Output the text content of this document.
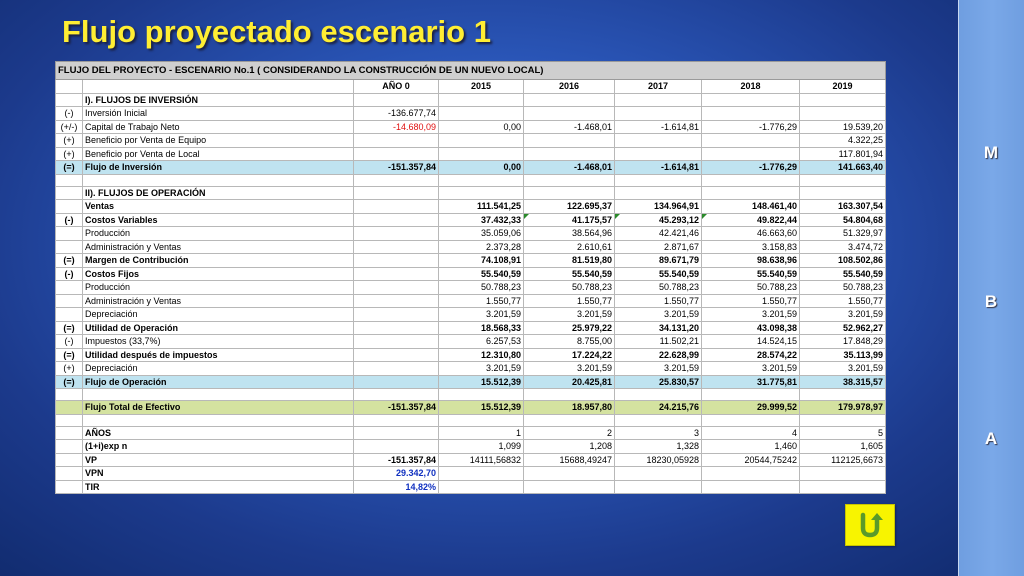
Flujo proyectado escenario 1
FLUJO DEL PROYECTO - ESCENARIO No.1 ( CONSIDERANDO LA CONSTRUCCIÓN DE UN NUEVO LOCAL)							
		AÑO 0	2015	2016	2017	2018	2019
	I). FLUJOS DE INVERSIÓN						
(-)	Inversión Inicial	-136.677,74					
(+/-)	Capital de Trabajo Neto	-14.680,09	0,00	-1.468,01	-1.614,81	-1.776,29	19.539,20
(+)	Beneficio por Venta de Equipo						4.322,25
(+)	Beneficio por Venta de Local						117.801,94
(=)	Flujo de Inversión	-151.357,84	0,00	-1.468,01	-1.614,81	-1.776,29	141.663,40

	II). FLUJOS DE OPERACIÓN						
	Ventas		111.541,25	122.695,37	134.964,91	148.461,40	163.307,54
(-)	Costos Variables		37.432,33	41.175,57	45.293,12	49.822,44	54.804,68
	Producción		35.059,06	38.564,96	42.421,46	46.663,60	51.329,97
	Administración y Ventas		2.373,28	2.610,61	2.871,67	3.158,83	3.474,72
(=)	Margen de Contribución		74.108,91	81.519,80	89.671,79	98.638,96	108.502,86
(-)	Costos Fijos		55.540,59	55.540,59	55.540,59	55.540,59	55.540,59
	Producción		50.788,23	50.788,23	50.788,23	50.788,23	50.788,23
	Administración y Ventas		1.550,77	1.550,77	1.550,77	1.550,77	1.550,77
	Depreciación		3.201,59	3.201,59	3.201,59	3.201,59	3.201,59
(=)	Utilidad de Operación		18.568,33	25.979,22	34.131,20	43.098,38	52.962,27
(-)	Impuestos (33,7%)		6.257,53	8.755,00	11.502,21	14.524,15	17.848,29
(=)	Utilidad después de impuestos		12.310,80	17.224,22	22.628,99	28.574,22	35.113,99
(+)	Depreciación		3.201,59	3.201,59	3.201,59	3.201,59	3.201,59
(=)	Flujo de Operación		15.512,39	20.425,81	25.830,57	31.775,81	38.315,57

	Flujo Total de Efectivo	-151.357,84	15.512,39	18.957,80	24.215,76	29.999,52	179.978,97

	AÑOS		1	2	3	4	5
	(1+i)exp n		1,099	1,208	1,328	1,460	1,605
	VP	-151.357,84	14111,56832	15688,49247	18230,05928	20544,75242	112125,6673
	VPN	29.342,70					
	TIR	14,82%					
M
B
A
